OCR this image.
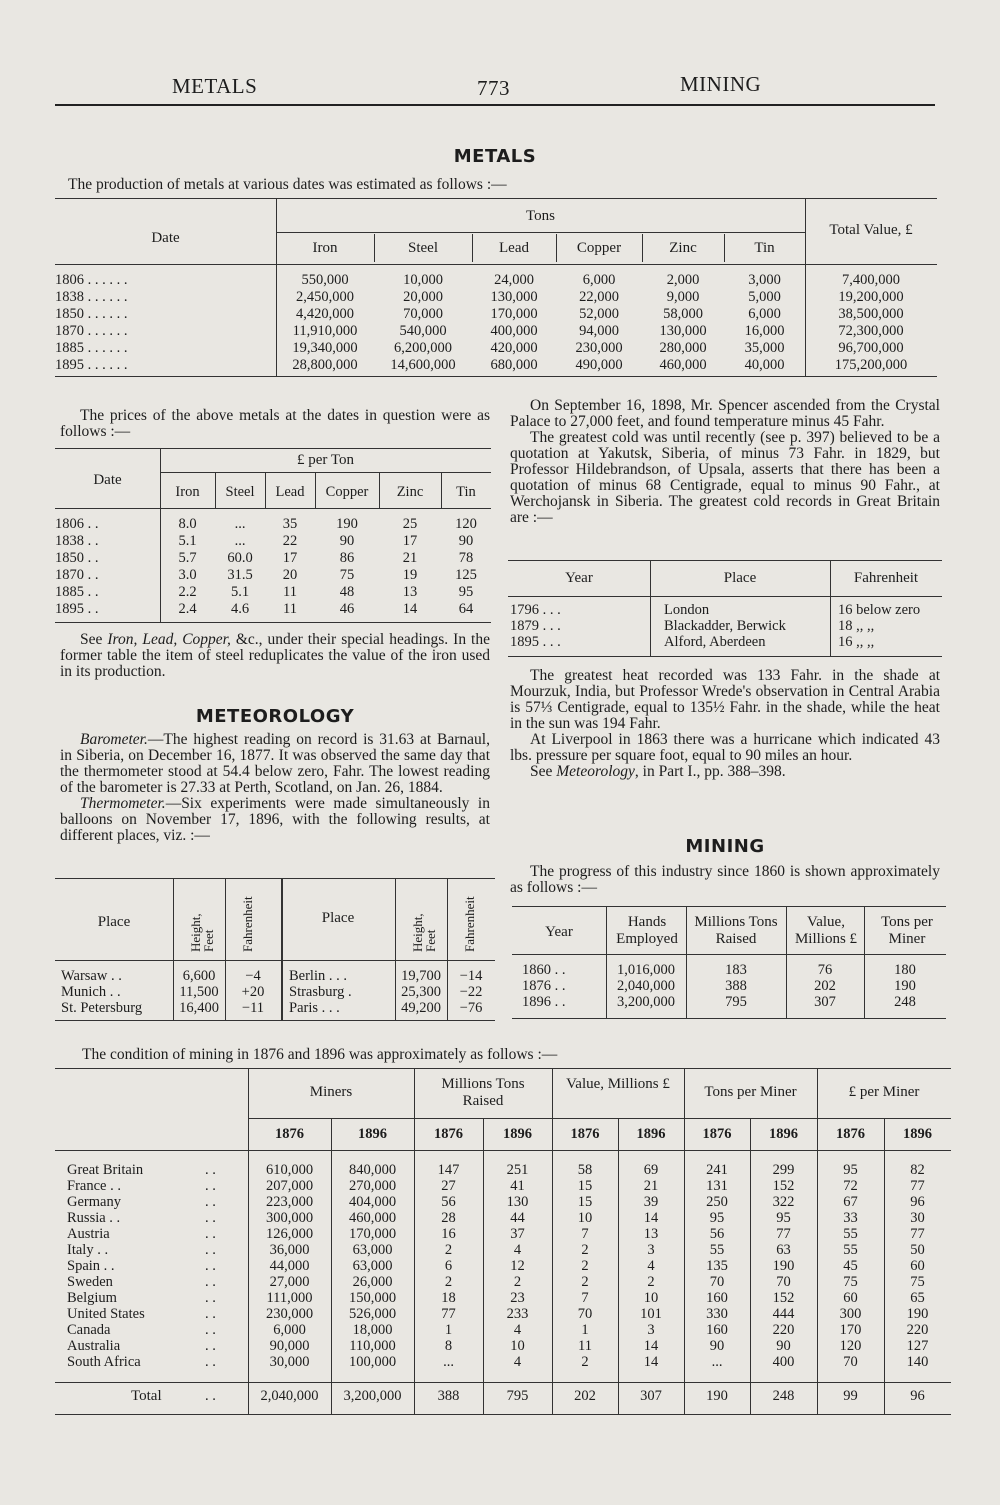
METALS	773	MINING
METALS
The production of metals at various dates was estimated as follows :—
Date
Tons
Total Value, £
Iron	Steel	Lead	Copper	Zinc	Tin
1806 . . . . . .	550,000	10,000	24,000	6,000	2,000	3,000	7,400,000
1838 . . . . . .	2,450,000	20,000	130,000	22,000	9,000	5,000	19,200,000
1850 . . . . . .	4,420,000	70,000	170,000	52,000	58,000	6,000	38,500,000
1870 . . . . . .	11,910,000	540,000	400,000	94,000	130,000	16,000	72,300,000
1885 . . . . . .	19,340,000	6,200,000	420,000	230,000	280,000	35,000	96,700,000
1895 . . . . . .	28,800,000	14,600,000	680,000	490,000	460,000	40,000	175,200,000

The prices of the above metals at the dates in question were as follows :—

Date
£ per Ton
Iron	Steel	Lead	Copper	Zinc	Tin
1806 . .	8.0	...	35	190	25	120
1838 . .	5.1	...	22	90	17	90
1850 . .	5.7	60.0	17	86	21	78
1870 . .	3.0	31.5	20	75	19	125
1885 . .	2.2	5.1	11	48	13	95
1895 . .	2.4	4.6	11	46	14	64

See Iron, Lead, Copper, &c., under their special headings. In the former table the item of steel reduplicates the value of the iron used in its production.

METEOROLOGY

Barometer.—The highest reading on record is 31.63 at Barnaul, in Siberia, on December 16, 1877. It was observed the same day that the thermometer stood at 54.4 below zero, Fahr. The lowest reading of the barometer is 27.33 at Perth, Scotland, on Jan. 26, 1884.

Thermometer.—Six experiments were made simultaneously in balloons on November 17, 1896, with the following results, at different places, viz. :—

Place	Height, Feet Fahrenheit	Place	Height, Feet Fahrenheit
Warsaw . .	6,600	−4	Berlin . . .	19,700	−14
Munich . .	11,500	+20	Strasburg .	25,300	−22
St. Petersburg	16,400	−11	Paris . . .	49,200	−76

On September 16, 1898, Mr. Spencer ascended from the Crystal Palace to 27,000 feet, and found temperature minus 45 Fahr.

The greatest cold was until recently (see p. 397) believed to be a quotation at Yakutsk, Siberia, of minus 73 Fahr. in 1829, but Professor Hildebrandson, of Upsala, asserts that there has been a quotation of minus 68 Centigrade, equal to minus 90 Fahr., at Werchojansk in Siberia. The greatest cold records in Great Britain are :—

Year	Place	Fahrenheit
1796 . . .	London	16 below zero
1879 . . .	Blackadder, Berwick	18 ,, ,,
1895 . . .	Alford, Aberdeen	16 ,, ,,

The greatest heat recorded was 133 Fahr. in the shade at Mourzuk, India, but Professor Wrede's observation in Central Arabia is 57⅓ Centigrade, equal to 135½ Fahr. in the shade, while the heat in the sun was 194 Fahr.

At Liverpool in 1863 there was a hurricane which indicated 43 lbs. pressure per square foot, equal to 90 miles an hour.

See Meteorology, in Part I., pp. 388–398.

MINING

The progress of this industry since 1860 is shown approximately as follows :—

Year
Hands Employed
Millions Tons Raised
Value, Millions £
Tons per Miner
1860 . .	1,016,000	183	76	180
1876 . .	2,040,000	388	202	190
1896 . .	3,200,000	795	307	248
The condition of mining in 1876 and 1896 was approximately as follows :—
Miners	Millions Tons Raised
Value, Millions £	Tons per Miner	£ per Miner
1876	1896	1876	1896	1876	1896	1876	1896	1876	1896
Great Britain	. .	610,000	840,000	147	251	58	69	241	299	95	82
France . .	. .	207,000	270,000	27	41	15	21	131	152	72	77
Germany	. .	223,000	404,000	56	130	15	39	250	322	67	96
Russia . .	. .	300,000	460,000	28	44	10	14	95	95	33	30
Austria	. .	126,000	170,000	16	37	7	13	56	77	55	77
Italy . .	. .	36,000	63,000	2	4	2	3	55	63	55	50
Spain . .	. .	44,000	63,000	6	12	2	4	135	190	45	60
Sweden	. .	27,000	26,000	2	2	2	2	70	70	75	75
Belgium	. .	111,000	150,000	18	23	7	10	160	152	60	65
United States	. .	230,000	526,000	77	233	70	101	330	444	300	190
Canada	. .	6,000	18,000	1	4	1	3	160	220	170	220
Australia	. .	90,000	110,000	8	10	11	14	90	90	120	127
South Africa	. .	30,000	100,000	...	4	2	14	...	400	70	140
Total	. .	2,040,000	3,200,000	388	795	202	307	190	248	99	96
